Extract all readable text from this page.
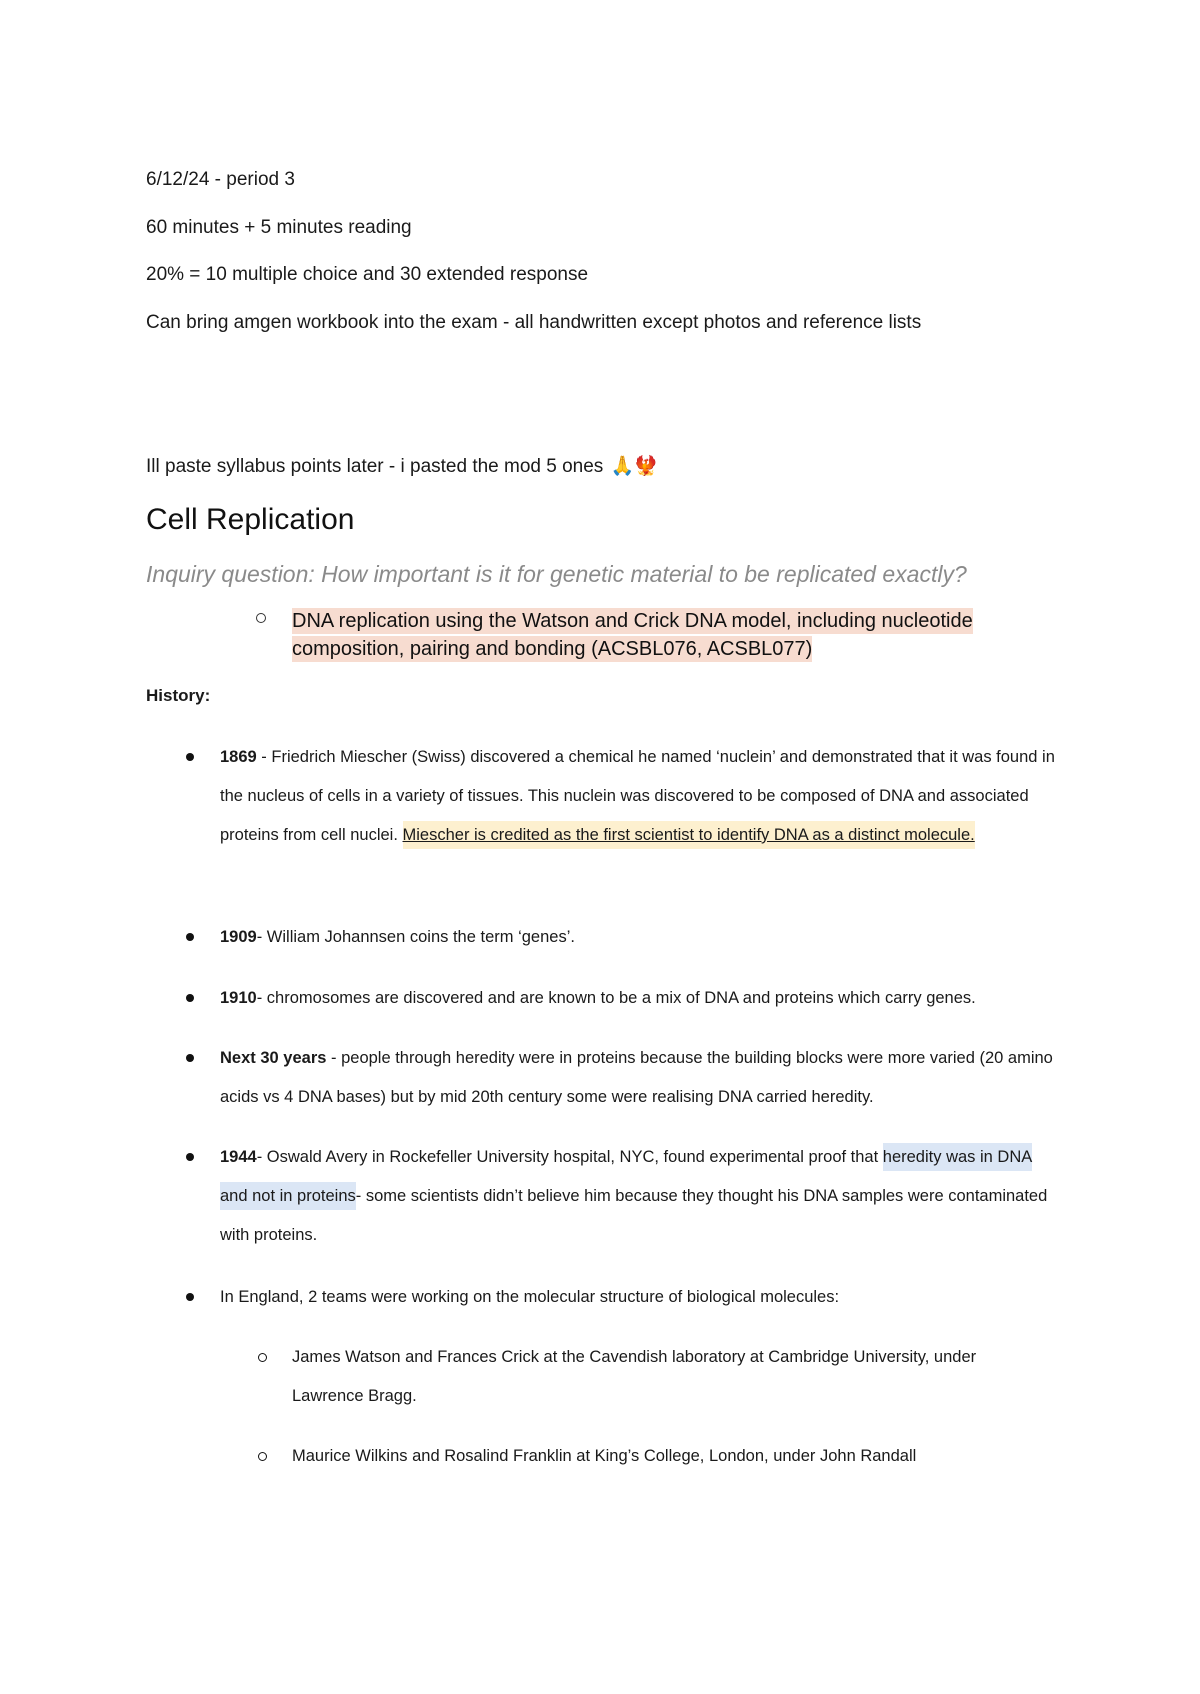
6/12/24 - period 3
60 minutes + 5 minutes reading
20% = 10 multiple choice and 30 extended response
Can bring amgen workbook into the exam - all handwritten except photos and reference lists
Ill paste syllabus points later - i pasted the mod 5 ones 🙏🐦‍🔥
Cell Replication
Inquiry question: How important is it for genetic material to be replicated exactly?
DNA replication using the Watson and Crick DNA model, including nucleotide
composition, pairing and bonding (ACSBL076, ACSBL077)
History:
1869 - Friedrich Miescher (Swiss) discovered a chemical he named ‘nuclein’ and demonstrated that it was found in the nucleus of cells in a variety of tissues. This nuclein was discovered to be composed of DNA and associated proteins from cell nuclei. Miescher is credited as the first scientist to identify DNA as a distinct molecule.
1909- William Johannsen coins the term ‘genes’.
1910- chromosomes are discovered and are known to be a mix of DNA and proteins which carry genes.
Next 30 years - people through heredity were in proteins because the building blocks were more varied (20 amino acids vs 4 DNA bases) but by mid 20th century some were realising DNA carried heredity.
1944- Oswald Avery in Rockefeller University hospital, NYC, found experimental proof that heredity was in DNA and not in proteins- some scientists didn’t believe him because they thought his DNA samples were contaminated with proteins.
In England, 2 teams were working on the molecular structure of biological molecules:
James Watson and Frances Crick at the Cavendish laboratory at Cambridge University, under Lawrence Bragg.
Maurice Wilkins and Rosalind Franklin at King’s College, London, under John Randall
